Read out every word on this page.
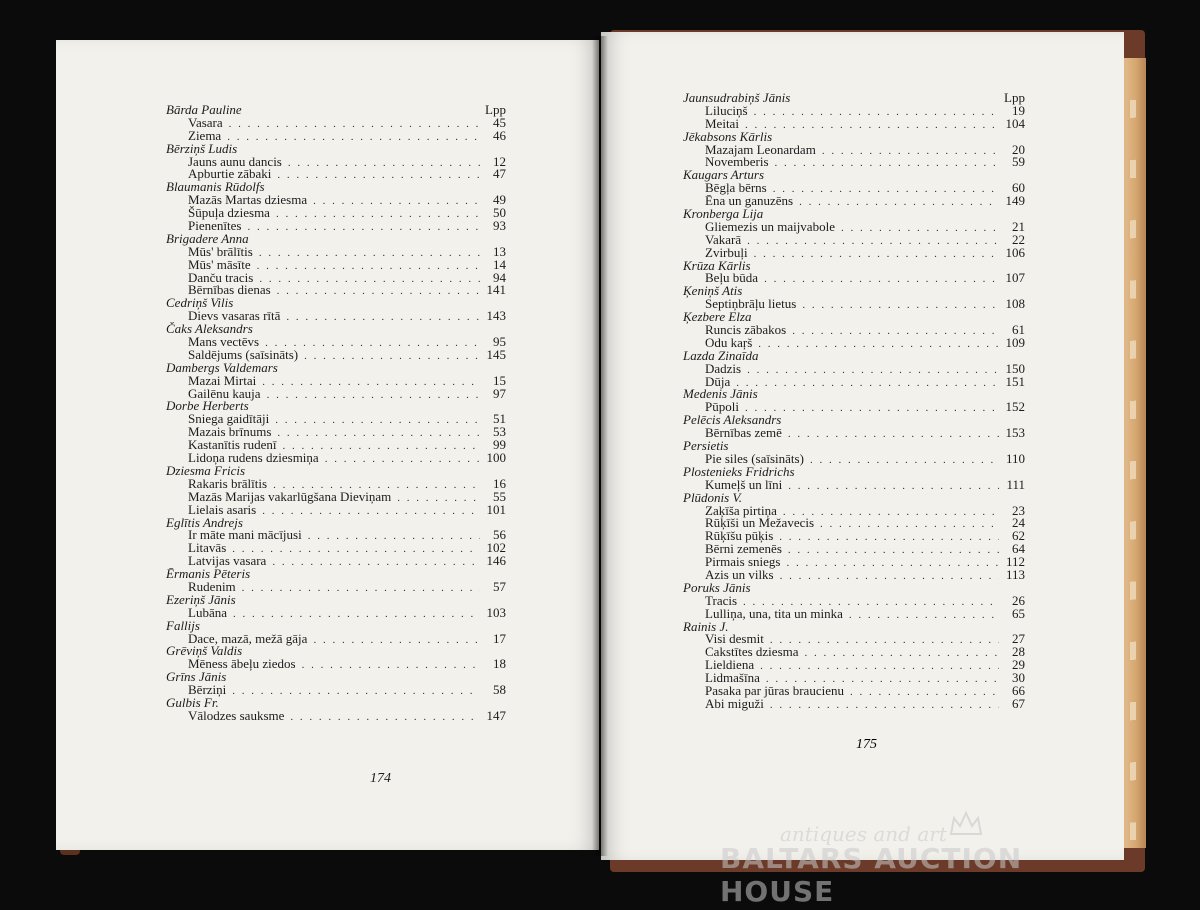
Bārda Pauline	Lpp
Vasara . . .	45
Ziema . . .	46
Bērziņš Ludis
Jauns aunu dancis . . .	12
Apburtie zābaki . . .	47
Blaumanis Rūdolfs
Mazās Martas dziesma . . .	49
Šūpuļa dziesma . . .	50
Pienenītes . . .	93
Brigadere Anna
Mūs' brālītis . . .	13
Mūs' māsīte . . .	14
Danču tracis . . .	94
Bērnības dienas . . .	141
Cedriņš Vilis
Dievs vasaras rītā . . .	143
Čaks Aleksandrs
Mans vectēvs . . .	95
Saldējums (saīsināts) . . .	145
Dambergs Valdemars
Mazai Mirtai . . .	15
Gailēnu kauja . . .	97
Dorbe Herberts
Sniega gaidītāji . . .	51
Mazais brīnums . . .	53
Kastanītis rudenī . . .	99
Lidoņa rudens dziesmiņa . . .	100
Dziesma Fricis
Rakaris brālītis . . .	16
Mazās Marijas vakarlūgšana Dieviņam . . .	55
Lielais asaris . . .	101
Eglītis Andrejs
Ir māte mani mācījusi . . .	56
Litavās . . .	102
Latvijas vasara . . .	146
Ērmanis Pēteris
Rudenim . . .	57
Ezeriņš Jānis
Lubāna . . .	103
Fallijs
Dace, mazā, mežā gāja . . .	17
Grēviņš Valdis
Mēness ābeļu ziedos . . .	18
Grīns Jānis
Bērziņi . . .	58
Gulbis Fr.
Vālodzes sauksme . . .	147
174
Jaunsudrabiņš Jānis	Lpp
Liluciņš . . .	19
Meitai . . .	104
Jēkabsons Kārlis
Mazajam Leonardam . . .	20
Novemberis . . .	59
Kaugars Arturs
Bēgļa bērns . . .	60
Ēna un ganuzēns . . .	149
Kronberga Lija
Gliemezis un maijvabole . . .	21
Vakarā . . .	22
Zvirbuļi . . .	106
Krūza Kārlis
Beļu būda . . .	107
Ķeniņš Atis
Septiņbrāļu lietus . . .	108
Ķezbere Elza
Runcis zābakos . . .	61
Odu kaŗš . . .	109
Lazda Zinaīda
Dadzis . . .	150
Dūja . . .	151
Medenis Jānis
Pūpoli . . .	152
Pelēcis Aleksandrs
Bērnības zemē . . .	153
Persietis
Pie siles (saīsināts) . . .	110
Plostenieks Fridrichs
Kumeļš un līni . . .	111
Plūdonis V.
Zaķīša pirtiņa . . .	23
Rūķīši un Mežavecis . . .	24
Rūķīšu pūķis . . .	62
Bērni zemenēs . . .	64
Pirmais sniegs . . .	112
Azis un vilks . . .	113
Poruks Jānis
Tracis . . .	26
Lulliņa, una, tita un minka . . .	65
Rainis J.
Visi desmit . . .	27
Cakstītes dziesma . . .	28
Lieldiena . . .	29
Lidmašīna . . .	30
Pasaka par jūras braucienu . . .	66
Abi miguži . . .	67
175
antiques and art
BALTARS AUCTION HOUSE
